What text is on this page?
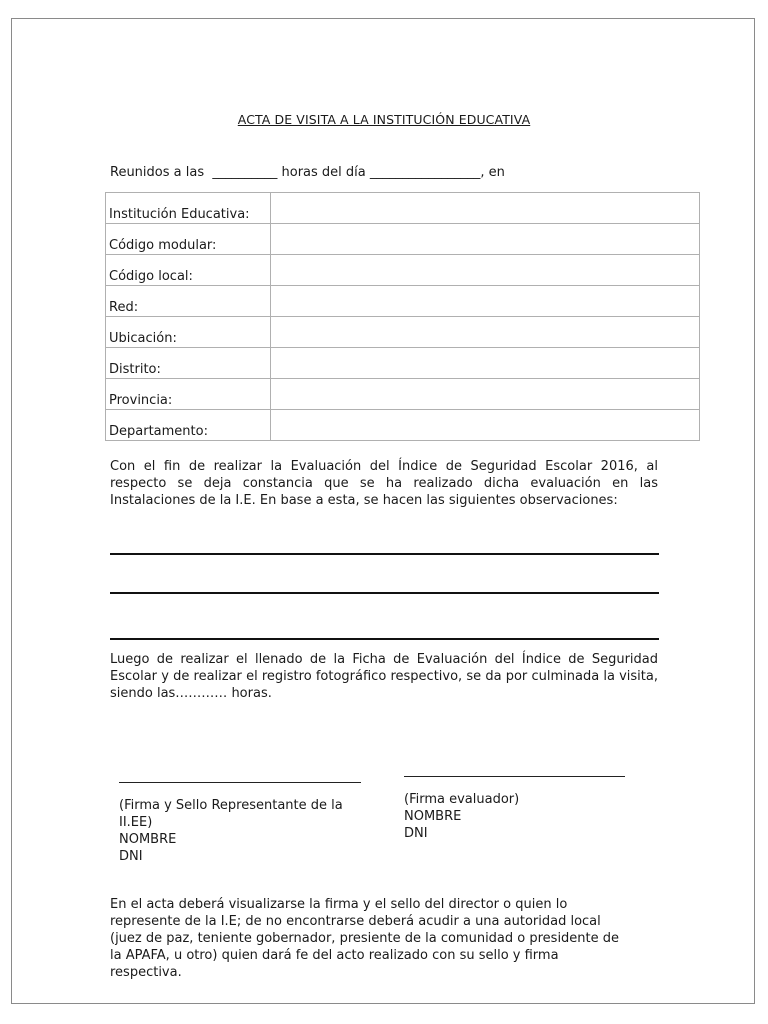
ACTA DE VISITA A LA INSTITUCIÓN EDUCATIVA
Reunidos a las  __________ horas del día _________________, en
Institución Educativa:	
Código modular:	
Código local:	
Red:	
Ubicación:	
Distrito:	
Provincia:	
Departamento:	
Con el fin de realizar la Evaluación del Índice de Seguridad Escolar 2016, al respecto se deja constancia que se ha realizado dicha evaluación en las Instalaciones de la I.E. En base a esta, se hacen las siguientes observaciones:
Luego de realizar el llenado de la Ficha de Evaluación del Índice de Seguridad Escolar y de realizar el registro fotográfico respectivo, se da por culminada la visita, siendo las………… horas.
(Firma y Sello Representante de la II.EE)
NOMBRE
DNI
(Firma evaluador)
NOMBRE
DNI
En el acta deberá visualizarse la firma y el sello del director o quien lo represente de la I.E; de no encontrarse deberá acudir a una autoridad local (juez de paz, teniente gobernador, presiente de la comunidad o presidente de la APAFA, u otro) quien dará fe del acto realizado con su sello y firma respectiva.
